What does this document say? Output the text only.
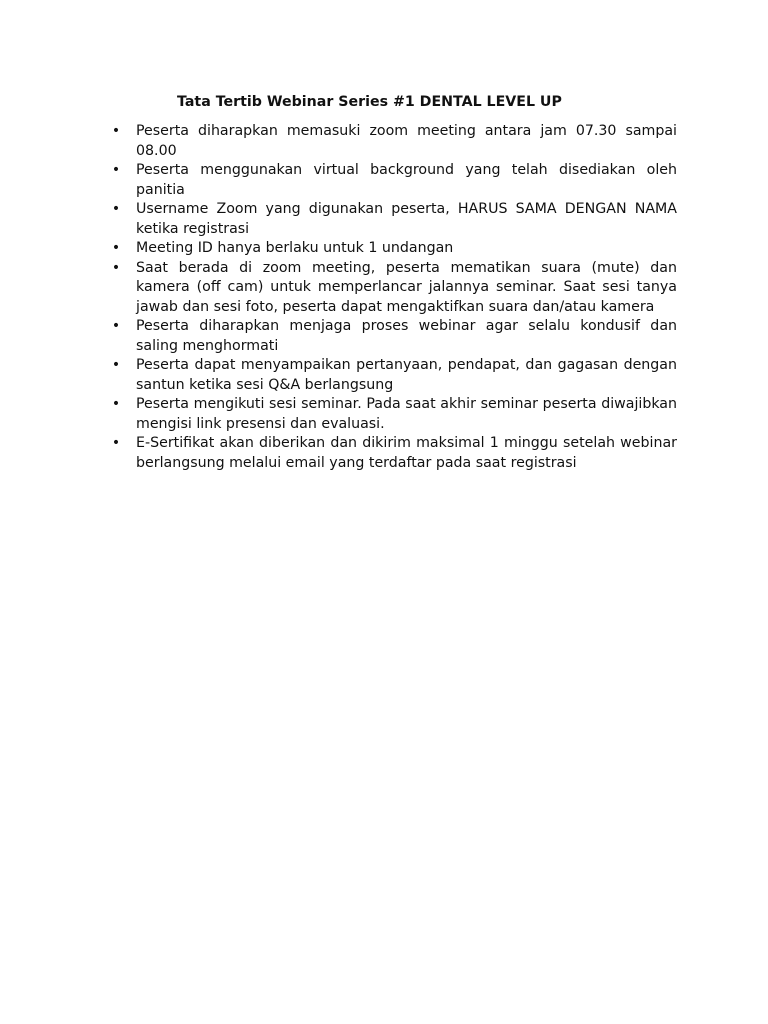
Tata Tertib Webinar Series #1 DENTAL LEVEL UP
• Peserta diharapkan memasuki zoom meeting antara jam 07.30 sampai 08.00
• Peserta menggunakan virtual background yang telah disediakan oleh panitia
• Username Zoom yang digunakan peserta, HARUS SAMA DENGAN NAMA ketika registrasi
• Meeting ID hanya berlaku untuk 1 undangan
• Saat berada di zoom meeting, peserta mematikan suara (mute) dan kamera (off cam) untuk memperlancar jalannya seminar. Saat sesi tanya jawab dan sesi foto, peserta dapat mengaktifkan suara dan/atau kamera
• Peserta diharapkan menjaga proses webinar agar selalu kondusif dan saling menghormati
• Peserta dapat menyampaikan pertanyaan, pendapat, dan gagasan dengan santun ketika sesi Q&A berlangsung
• Peserta mengikuti sesi seminar. Pada saat akhir seminar peserta diwajibkan mengisi link presensi dan evaluasi.
• E-Sertifikat akan diberikan dan dikirim maksimal 1 minggu setelah webinar berlangsung melalui email yang terdaftar pada saat registrasi
